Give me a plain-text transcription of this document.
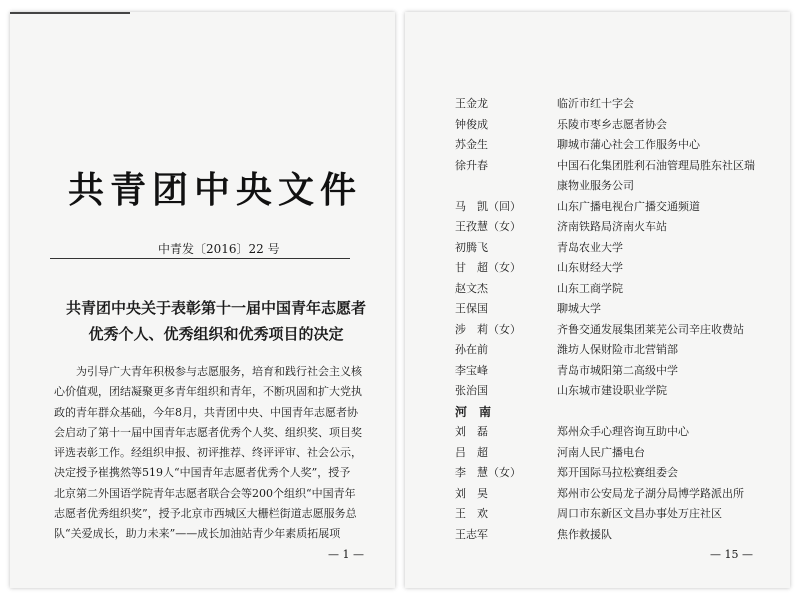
共青团中央文件
中青发〔2016〕22 号
共青团中央关于表彰第十一届中国青年志愿者
优秀个人、优秀组织和优秀项目的决定
为引导广大青年积极参与志愿服务，培育和践行社会主义核
心价值观，团结凝聚更多青年组织和青年，不断巩固和扩大党执
政的青年群众基础，今年8月，共青团中央、中国青年志愿者协
会启动了第十一届中国青年志愿者优秀个人奖、组织奖、项目奖
评选表彰工作。经组织申报、初评推荐、终评评审、社会公示，
决定授予崔携然等519人“中国青年志愿者优秀个人奖”，授予
北京第二外国语学院青年志愿者联合会等200个组织“中国青年
志愿者优秀组织奖”，授予北京市西城区大栅栏街道志愿服务总
队“关爱成长，助力未来”——成长加油站青少年素质拓展项
— 1 —
王金龙	临沂市红十字会
钟俊成	乐陵市枣乡志愿者协会
苏金生	聊城市蒲心社会工作服务中心
徐升春	中国石化集团胜利石油管理局胜东社区瑞
康物业服务公司
马　凯（回）	山东广播电视台广播交通频道
王孜慧（女）	济南铁路局济南火车站
初腾飞	青岛农业大学
甘　超（女）	山东财经大学
赵文杰	山东工商学院
王保国	聊城大学
涉　莉（女）	齐鲁交通发展集团莱芜公司辛庄收费站
孙在前	潍坊人保财险市北营销部
李宝峰	青岛市城阳第二高级中学
张治国	山东城市建设职业学院
河　南
刘　磊	郑州众手心理咨询互助中心
吕　超	河南人民广播电台
李　慧（女）	郑开国际马拉松赛组委会
刘　昊	郑州市公安局龙子湖分局博学路派出所
王　欢	周口市东新区文昌办事处万庄社区
王志军	焦作救援队
— 15 —
